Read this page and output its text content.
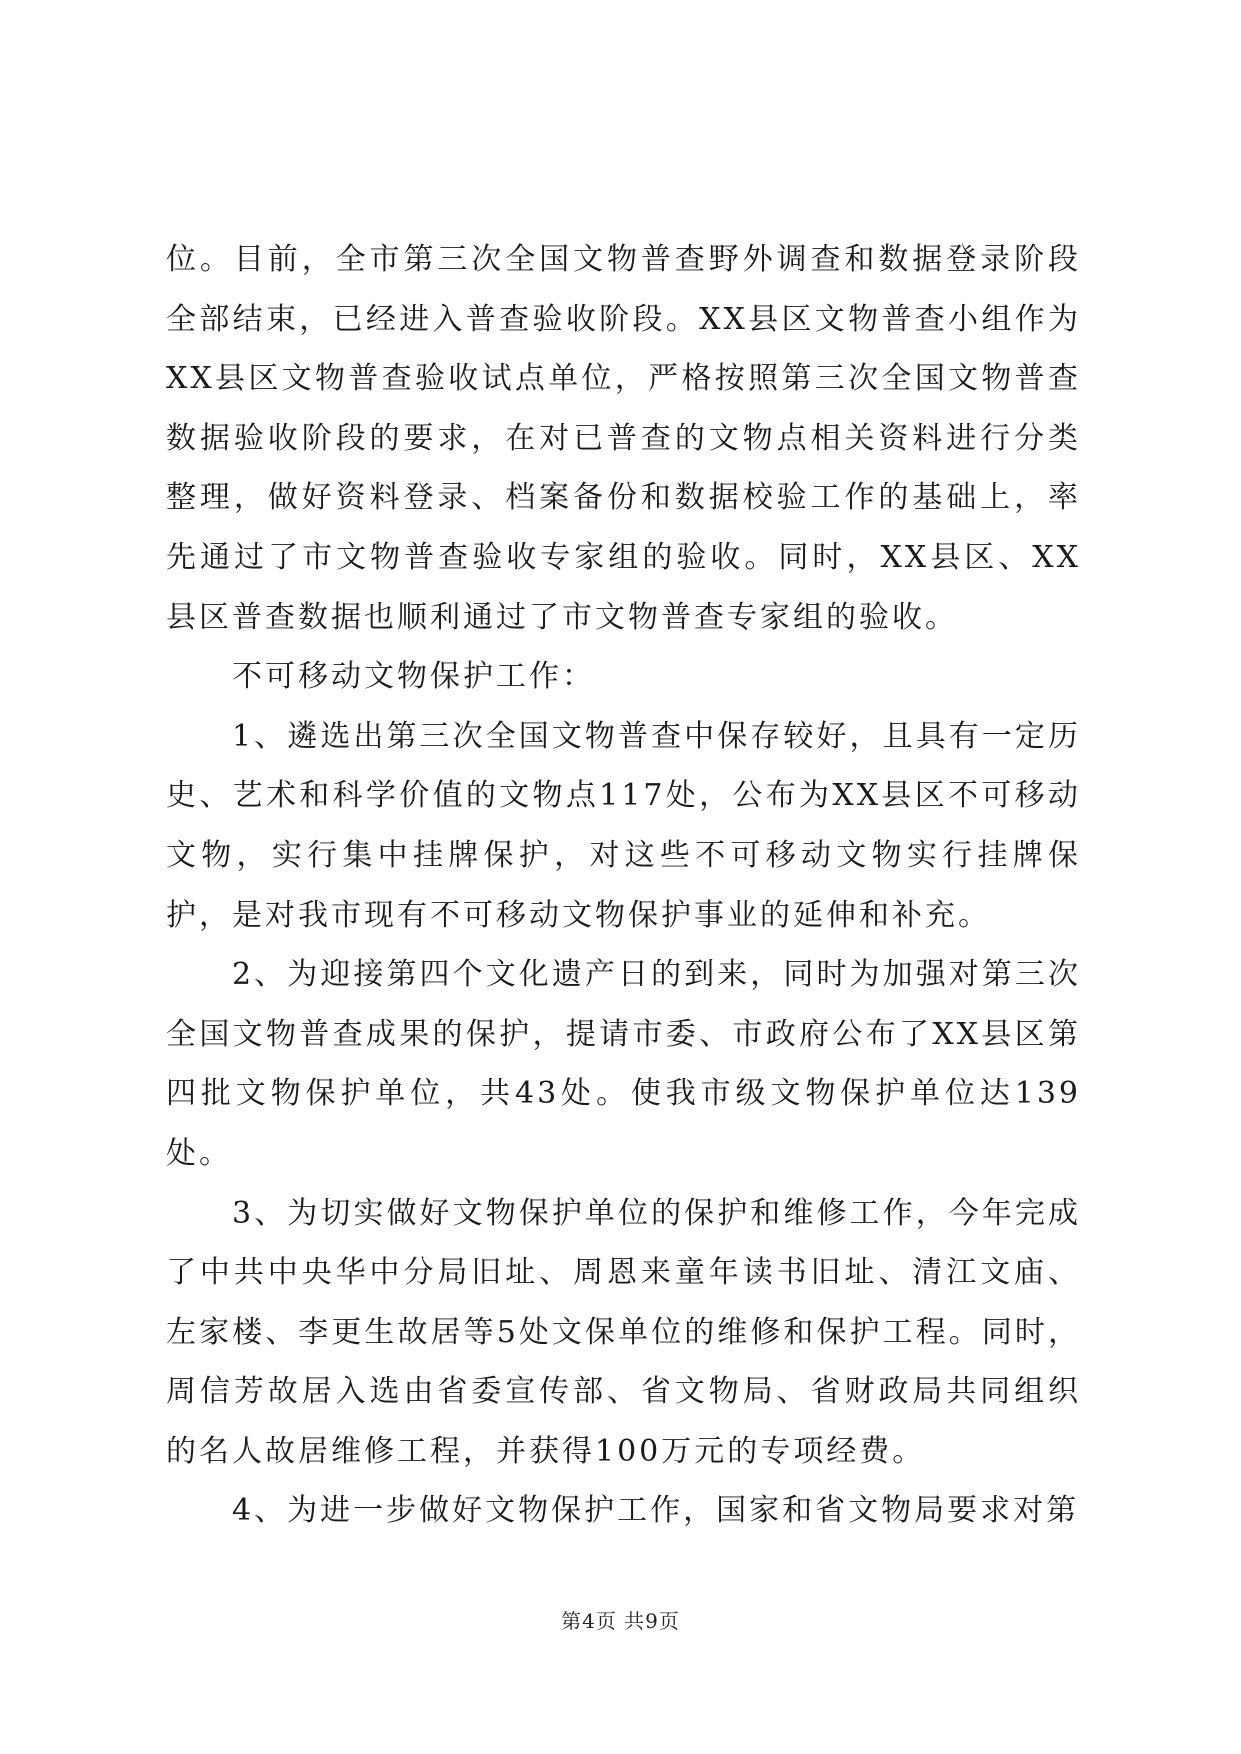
位。目前，全市第三次全国文物普查野外调查和数据登录阶段全部结束，已经进入普查验收阶段。XX县区文物普查小组作为XX县区文物普查验收试点单位，严格按照第三次全国文物普查数据验收阶段的要求，在对已普查的文物点相关资料进行分类整理，做好资料登录、档案备份和数据校验工作的基础上，率先通过了市文物普查验收专家组的验收。同时，XX县区、XX县区普查数据也顺利通过了市文物普查专家组的验收。

不可移动文物保护工作：

1、遴选出第三次全国文物普查中保存较好，且具有一定历史、艺术和科学价值的文物点117处，公布为XX县区不可移动文物，实行集中挂牌保护，对这些不可移动文物实行挂牌保护，是对我市现有不可移动文物保护事业的延伸和补充。

2、为迎接第四个文化遗产日的到来，同时为加强对第三次全国文物普查成果的保护，提请市委、市政府公布了XX县区第四批文物保护单位，共43处。使我市级文物保护单位达139处。

3、为切实做好文物保护单位的保护和维修工作，今年完成了中共中央华中分局旧址、周恩来童年读书旧址、清江文庙、左家楼、李更生故居等5处文保单位的维修和保护工程。同时，周信芳故居入选由省委宣传部、省文物局、省财政局共同组织的名人故居维修工程，并获得100万元的专项经费。

4、为进一步做好文物保护工作，国家和省文物局要求对第

第4页 共9页
